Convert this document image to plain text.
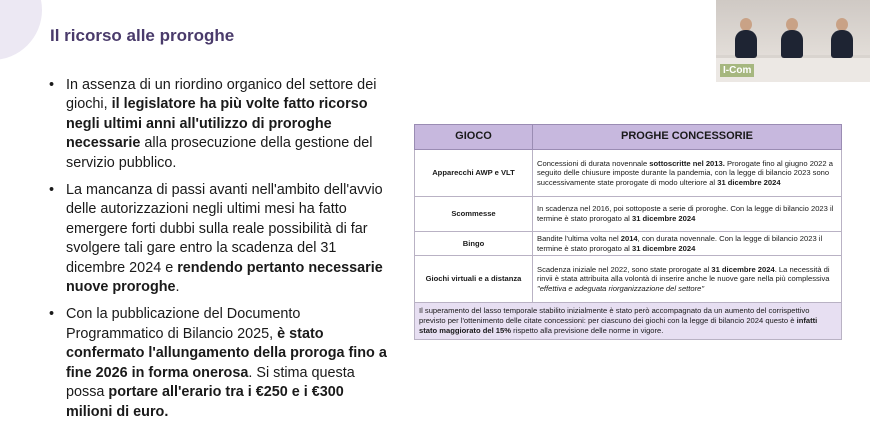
Il ricorso alle proroghe
• In assenza di un riordino organico del settore dei giochi, il legislatore ha più volte fatto ricorso negli ultimi anni all'utilizzo di proroghe necessarie alla prosecuzione della gestione del servizio pubblico.
• La mancanza di passi avanti nell'ambito dell'avvio delle autorizzazioni negli ultimi mesi ha fatto emergere forti dubbi sulla reale possibilità di far svolgere tali gare entro la scadenza del 31 dicembre 2024 e rendendo pertanto necessarie nuove proroghe.
• Con la pubblicazione del Documento Programmatico di Bilancio 2025, è stato confermato l'allungamento della proroga fino a fine 2026 in forma onerosa. Si stima questa possa portare all'erario tra i €250 e i €300 milioni di euro.
I-Com
GIOCO	PROGHE CONCESSORIE
Apparecchi AWP e VLT	Concessioni di durata novennale sottoscritte nel 2013. Prorogate fino al giugno 2022 a seguito delle chiusure imposte durante la pandemia, con la legge di bilancio 2023 sono successivamente state prorogate di modo ulteriore al 31 dicembre 2024
Scommesse	In scadenza nel 2016, poi sottoposte a serie di proroghe. Con la legge di bilancio 2023 il termine è stato prorogato al 31 dicembre 2024
Bingo	Bandite l'ultima volta nel 2014, con durata novennale. Con la legge di bilancio 2023 il termine è stato prorogato al 31 dicembre 2024
Giochi virtuali e a distanza	Scadenza iniziale nel 2022, sono state prorogate al 31 dicembre 2024. La necessità di rinvii è stata attribuita alla volontà di inserire anche le nuove gare nella più complessiva "effettiva e adeguata riorganizzazione del settore"
Il superamento del lasso temporale stabilito inizialmente è stato però accompagnato da un aumento del corrispettivo previsto per l'ottenimento delle citate concessioni: per ciascuno dei giochi con la legge di bilancio 2024 questo è infatti stato maggiorato del 15% rispetto alla previsione delle norme in vigore.	
